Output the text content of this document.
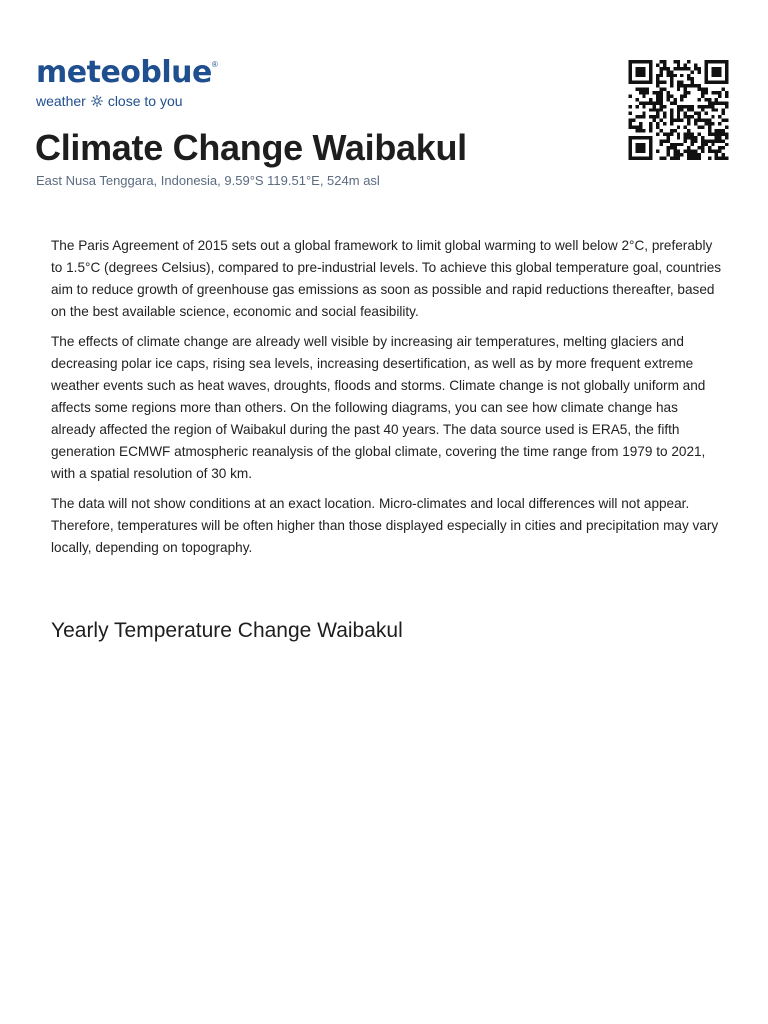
meteoblue®
weather close to you
Climate Change Waibakul
East Nusa Tenggara, Indonesia, 9.59°S 119.51°E, 524m asl

The Paris Agreement of 2015 sets out a global framework to limit global warming to well below 2°C, preferably to 1.5°C (degrees Celsius), compared to pre-industrial levels. To achieve this global temperature goal, countries aim to reduce growth of greenhouse gas emissions as soon as possible and rapid reductions thereafter, based on the best available science, economic and social feasibility.

The effects of climate change are already well visible by increasing air temperatures, melting glaciers and decreasing polar ice caps, rising sea levels, increasing desertification, as well as by more frequent extreme weather events such as heat waves, droughts, floods and storms. Climate change is not globally uniform and affects some regions more than others. On the following diagrams, you can see how climate change has already affected the region of Waibakul during the past 40 years. The data source used is ERA5, the fifth generation ECMWF atmospheric reanalysis of the global climate, covering the time range from 1979 to 2021, with a spatial resolution of 30 km.

The data will not show conditions at an exact location. Micro-climates and local differences will not appear. Therefore, temperatures will be often higher than those displayed especially in cities and precipitation may vary locally, depending on topography.

Yearly Temperature Change Waibakul
